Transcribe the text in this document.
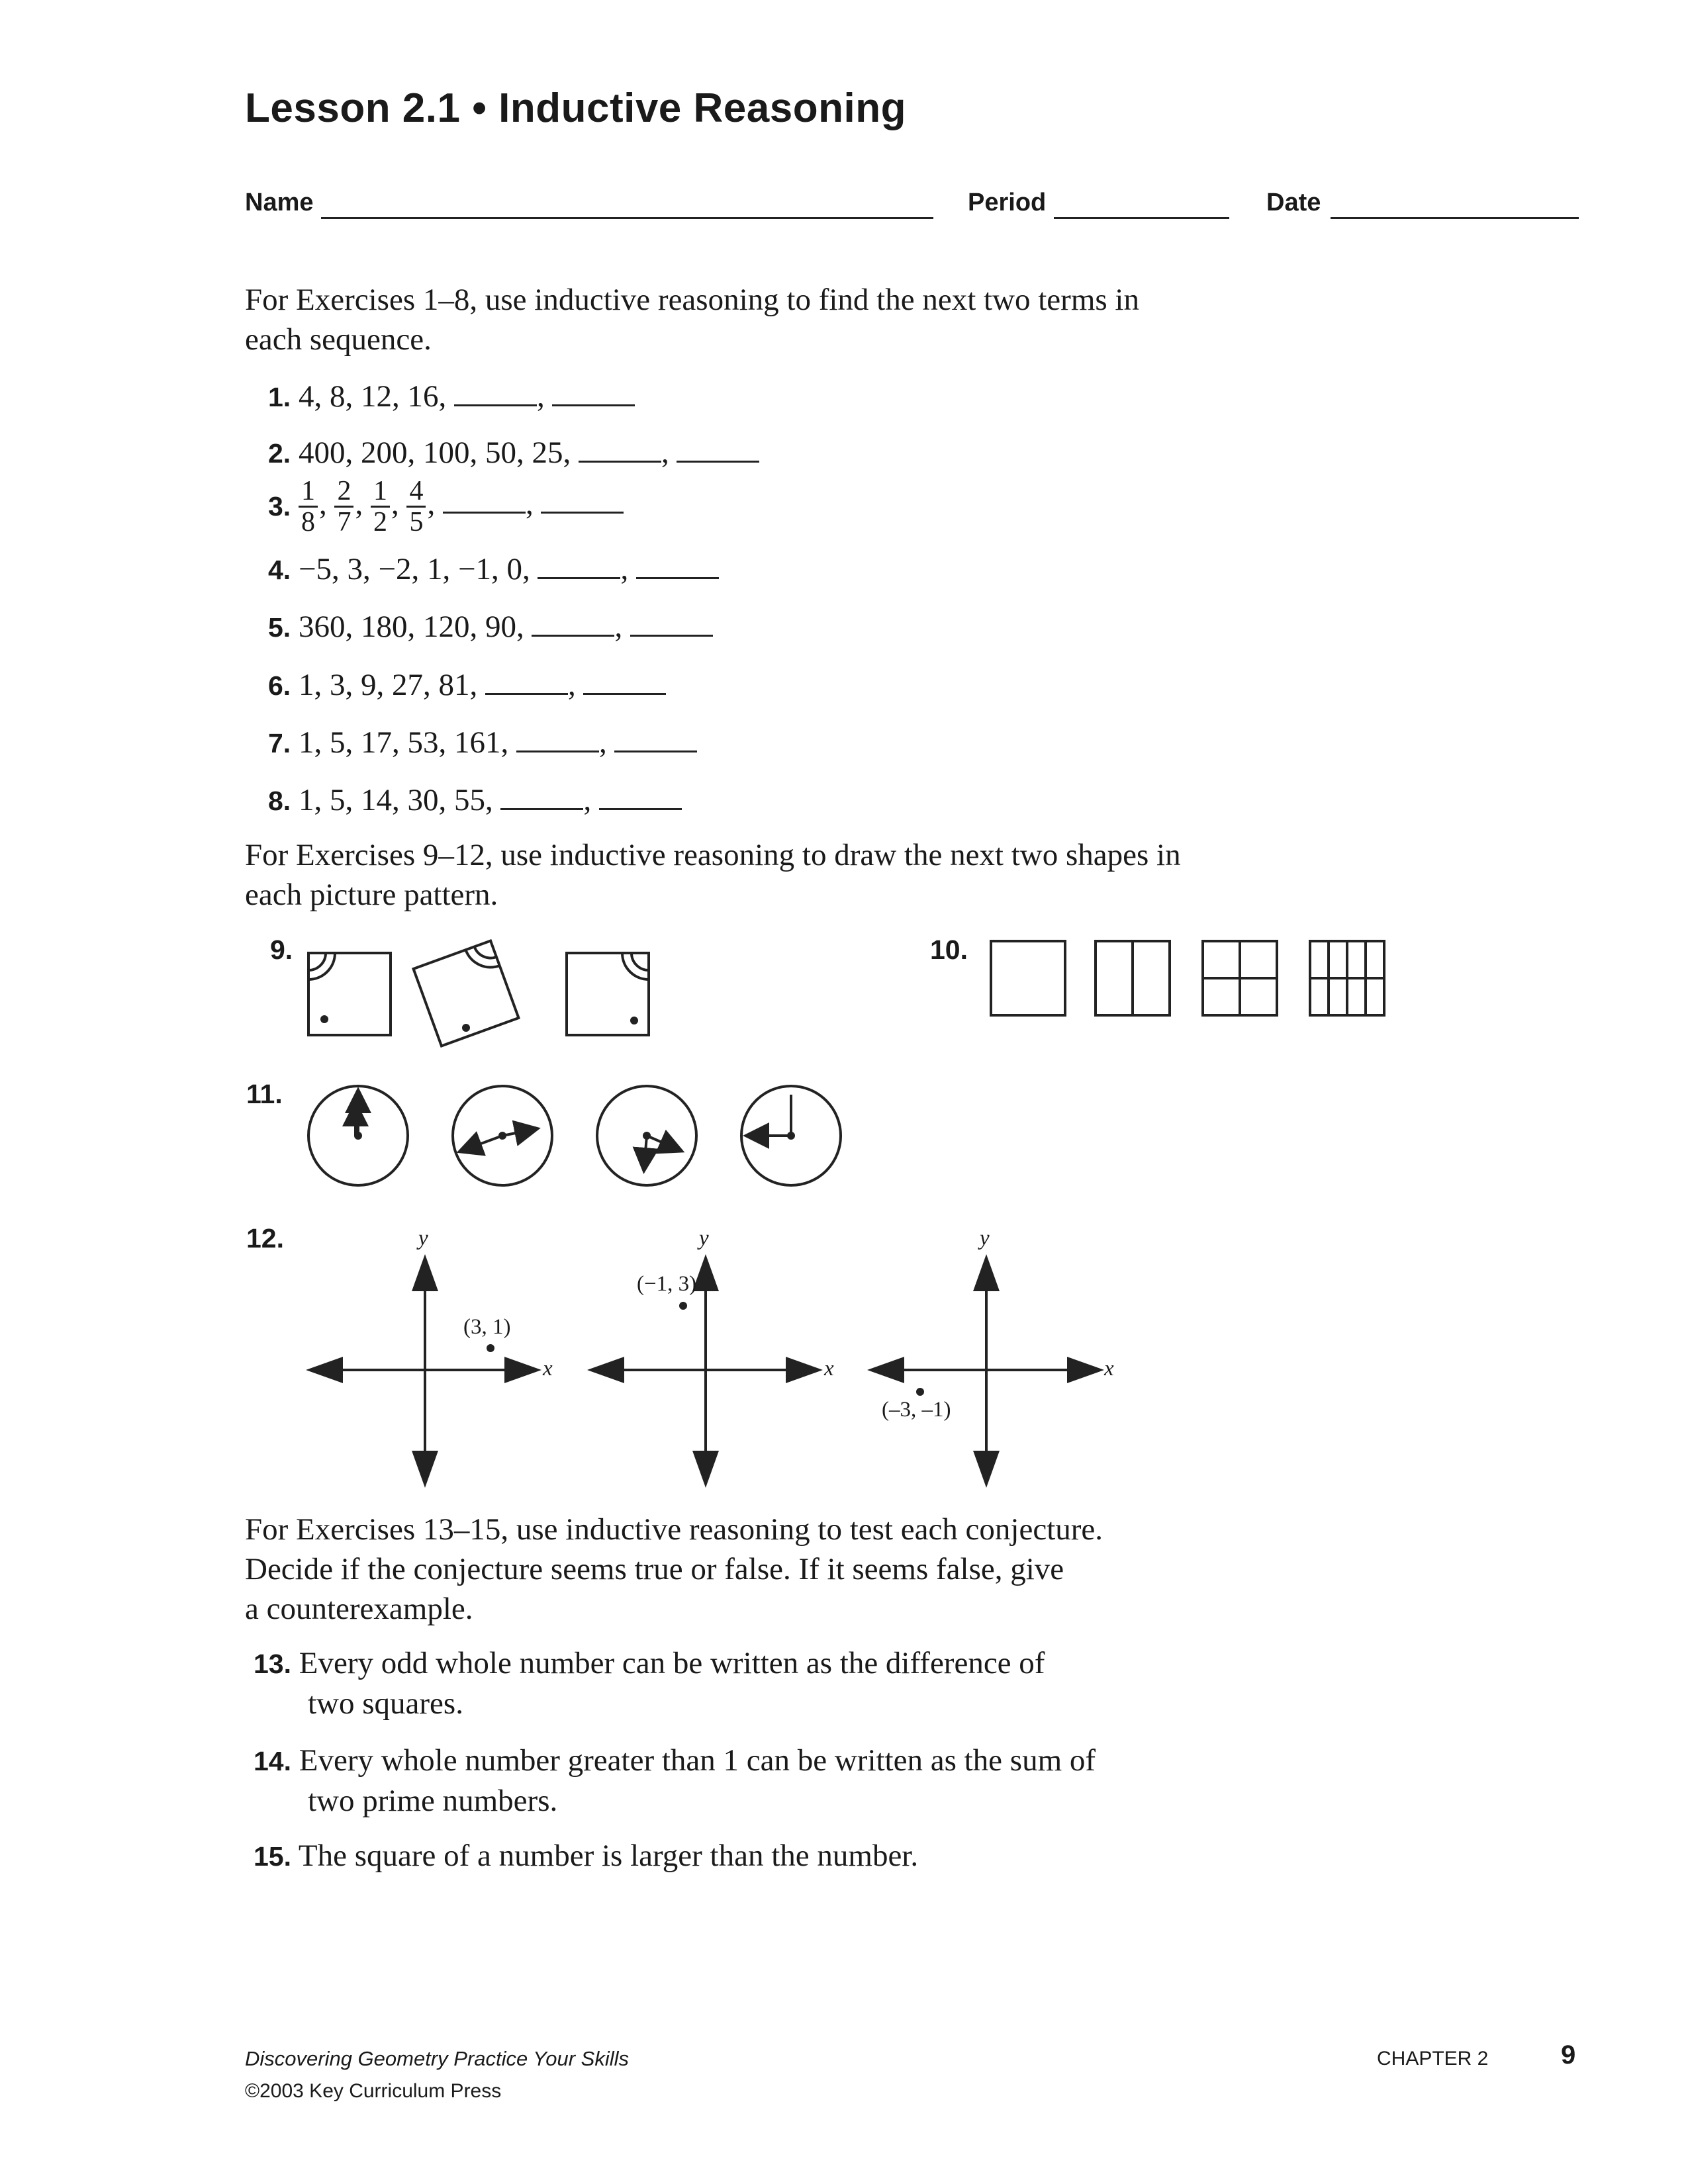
Lesson 2.1 • Inductive Reasoning
Name	Period	Date
For Exercises 1–8, use inductive reasoning to find the next two terms in
each sequence.
1. 4, 8, 12, 16,	,
2. 400, 200, 100, 50, 25,	,
3. $\frac{1}{8}$ , $\frac{2}{7}$ , $\frac{1}{2}$ , $\frac{4}{5}$ ,	,
4. −5, 3, −2, 1, −1, 0,	,
5. 360, 180, 120, 90,	,
6. 1, 3, 9, 27, 81,	,
7. 1, 5, 17, 53, 161,	,
8. 1, 5, 14, 30, 55,	,
For Exercises 9–12, use inductive reasoning to draw the next two shapes in
each picture pattern.
9.	10.
11.
12.	y
x
(3, 1)
y
x
(−1, 3)
y
x
(–3, –1)
For Exercises 13–15, use inductive reasoning to test each conjecture.
Decide if the conjecture seems true or false. If it seems false, give
a counterexample.
13. Every odd whole number can be written as the difference of
two squares.
14. Every whole number greater than 1 can be written as the sum of
two prime numbers.
15. The square of a number is larger than the number.
Discovering Geometry Practice Your Skills
©2003 Key Curriculum Press
CHAPTER 2	9
